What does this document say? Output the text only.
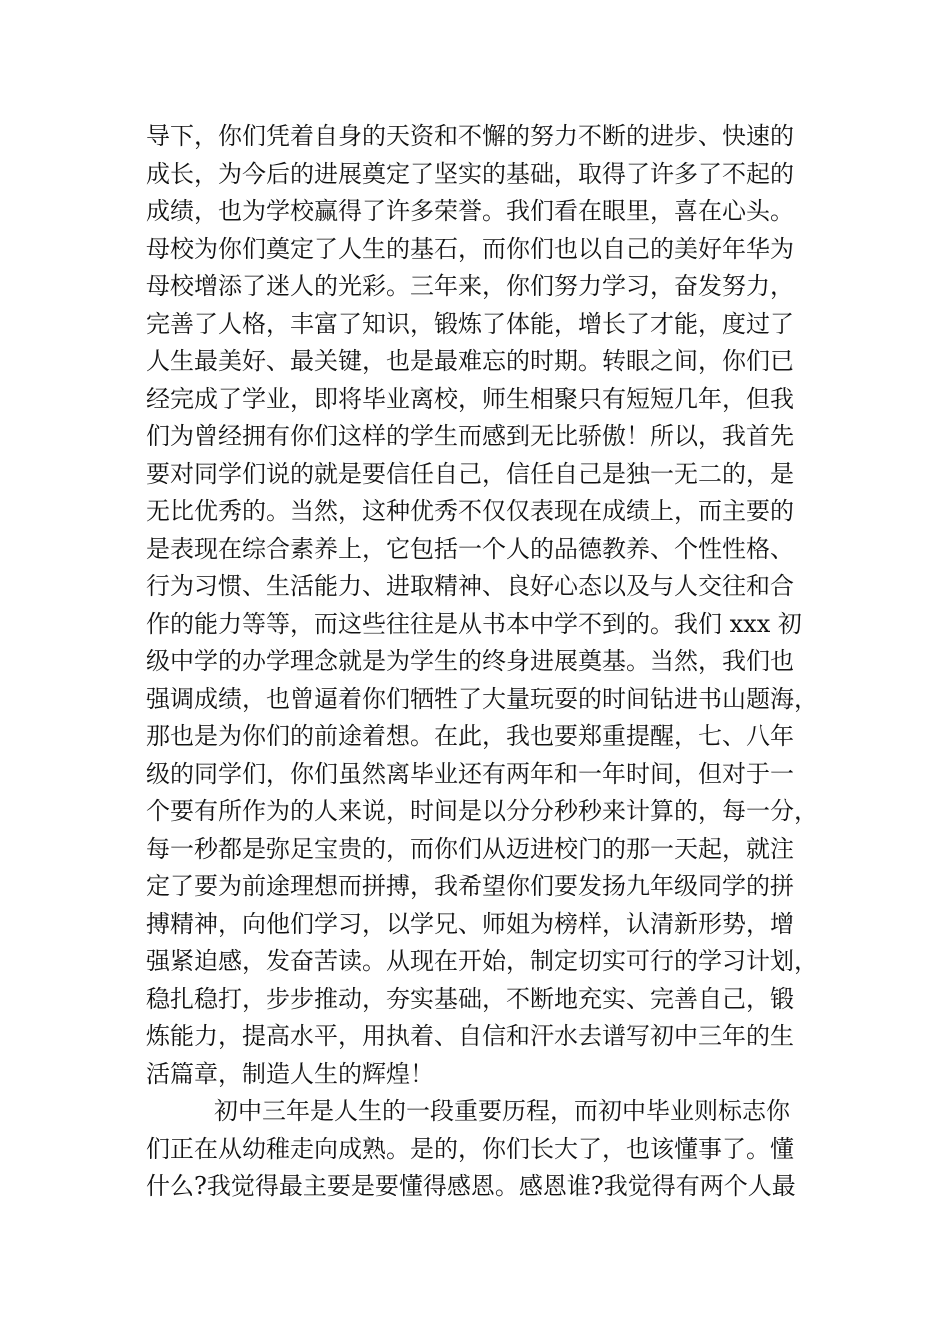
导下，你们凭着自身的天资和不懈的努力不断的进步、快速的
成长，为今后的进展奠定了坚实的基础，取得了许多了不起的
成绩，也为学校赢得了许多荣誉。我们看在眼里，喜在心头。
母校为你们奠定了人生的基石，而你们也以自己的美好年华为
母校增添了迷人的光彩。三年来，你们努力学习，奋发努力，
完善了人格，丰富了知识，锻炼了体能，增长了才能，度过了
人生最美好、最关键，也是最难忘的时期。转眼之间，你们已
经完成了学业，即将毕业离校，师生相聚只有短短几年，但我
们为曾经拥有你们这样的学生而感到无比骄傲！所以，我首先
要对同学们说的就是要信任自己，信任自己是独一无二的，是
无比优秀的。当然，这种优秀不仅仅表现在成绩上，而主要的
是表现在综合素养上，它包括一个人的品德教养、个性性格、
行为习惯、生活能力、进取精神、良好心态以及与人交往和合
作的能力等等，而这些往往是从书本中学不到的。我们 xxx 初
级中学的办学理念就是为学生的终身进展奠基。当然，我们也
强调成绩，也曾逼着你们牺牲了大量玩耍的时间钻进书山题海，
那也是为你们的前途着想。在此，我也要郑重提醒，七、八年
级的同学们，你们虽然离毕业还有两年和一年时间，但对于一
个要有所作为的人来说，时间是以分分秒秒来计算的，每一分，
每一秒都是弥足宝贵的，而你们从迈进校门的那一天起，就注
定了要为前途理想而拼搏，我希望你们要发扬九年级同学的拼
搏精神，向他们学习，以学兄、师姐为榜样，认清新形势，增
强紧迫感，发奋苦读。从现在开始，制定切实可行的学习计划，
稳扎稳打，步步推动，夯实基础，不断地充实、完善自己，锻
炼能力，提高水平，用执着、自信和汗水去谱写初中三年的生
活篇章，制造人生的辉煌！
初中三年是人生的一段重要历程，而初中毕业则标志你
们正在从幼稚走向成熟。是的，你们长大了，也该懂事了。懂
什么?我觉得最主要是要懂得感恩。感恩谁?我觉得有两个人最
